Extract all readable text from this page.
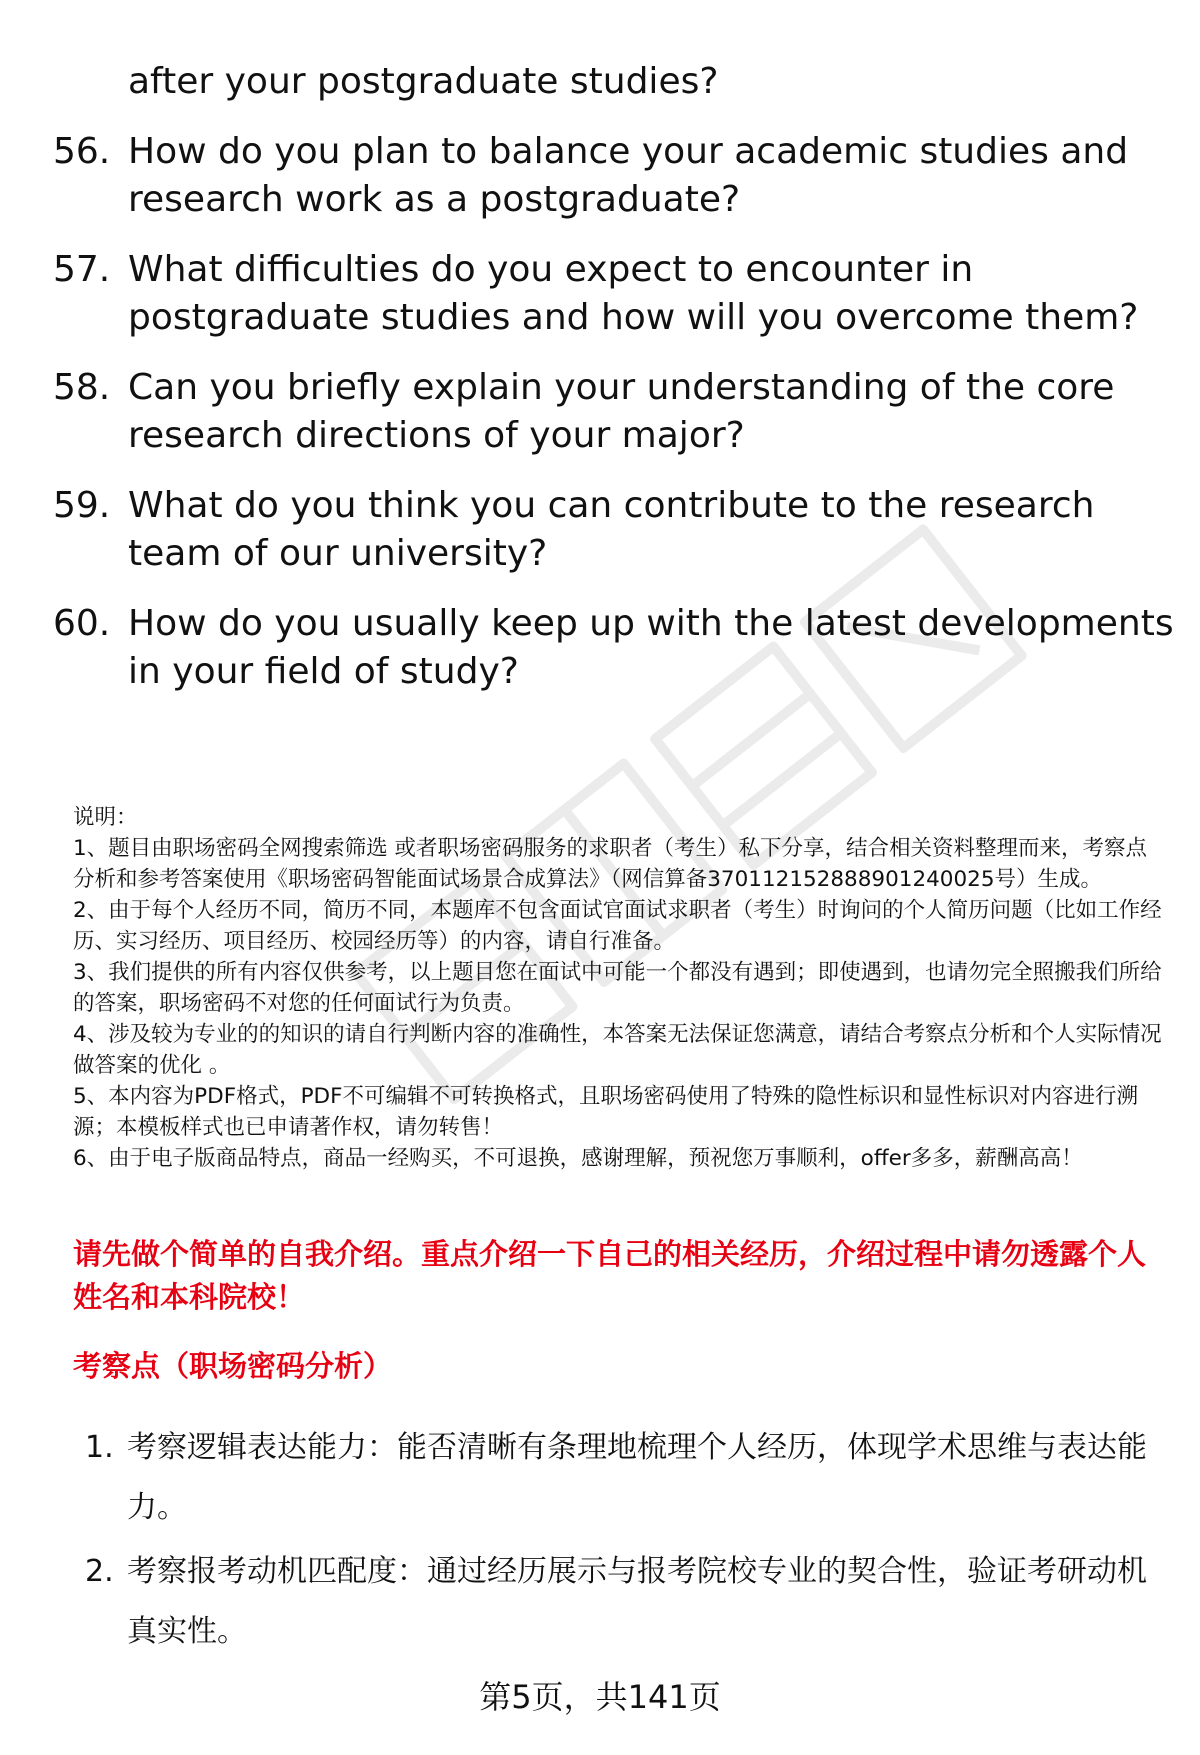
after your postgraduate studies?
56. How do you plan to balance your academic studies and research work as a postgraduate?
57. What difficulties do you expect to encounter in postgraduate studies and how will you overcome them?
58. Can you briefly explain your understanding of the core research directions of your major?
59. What do you think you can contribute to the research team of our university?
60. How do you usually keep up with the latest developments in your field of study?

说明：

1、题目由职场密码全网搜索筛选 或者职场密码服务的求职者（考生）私下分享，结合相关资料整理而来，考察点分析和参考答案使用《职场密码智能面试场景合成算法》（网信算备370112152888901240025号）生成。

2、由于每个人经历不同，简历不同，本题库不包含面试官面试求职者（考生）时询问的个人简历问题（比如工作经历、实习经历、项目经历、校园经历等）的内容，请自行准备。

3、我们提供的所有内容仅供参考，以上题目您在面试中可能一个都没有遇到；即使遇到，也请勿完全照搬我们所给的答案，职场密码不对您的任何面试行为负责。

4、涉及较为专业的的知识的请自行判断内容的准确性，本答案无法保证您满意，请结合考察点分析和个人实际情况做答案的优化 。

5、本内容为PDF格式，PDF不可编辑不可转换格式，且职场密码使用了特殊的隐性标识和显性标识对内容进行溯源；本模板样式也已申请著作权，请勿转售！

6、由于电子版商品特点，商品一经购买，不可退换，感谢理解，预祝您万事顺利，offer多多，薪酬高高！

请先做个简单的自我介绍。重点介绍一下自己的相关经历，介绍过程中请勿透露个人姓名和本科院校！
考察点（职场密码分析）
1. 考察逻辑表达能力：能否清晰有条理地梳理个人经历，体现学术思维与表达能力。
2. 考察报考动机匹配度：通过经历展示与报考院校专业的契合性，验证考研动机真实性。
第5页，共141页
